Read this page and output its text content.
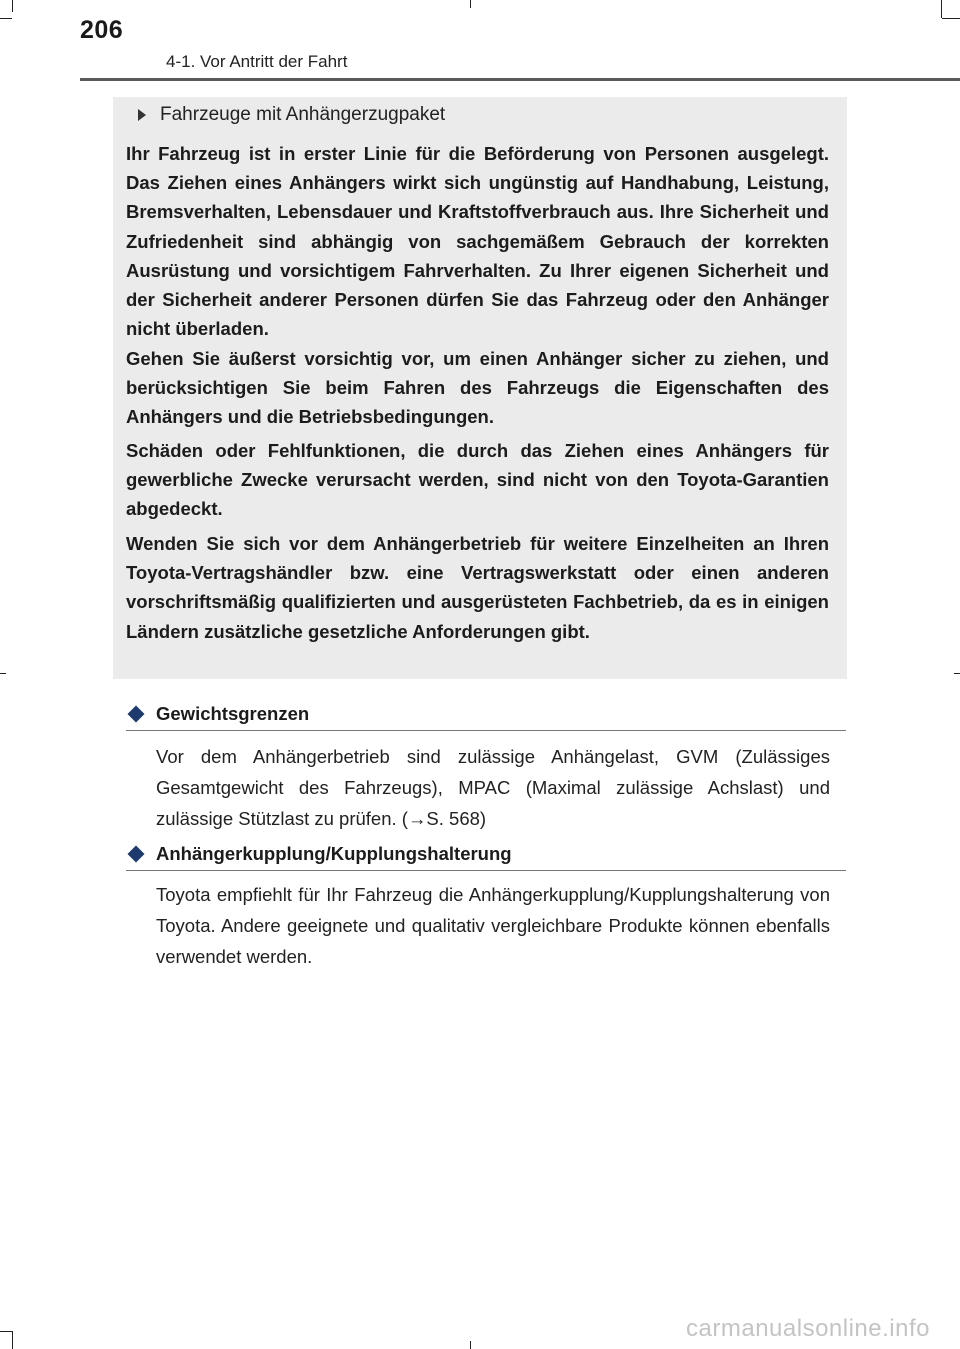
206
4-1. Vor Antritt der Fahrt
Fahrzeuge mit Anhängerzugpaket

Ihr Fahrzeug ist in erster Linie für die Beförderung von Personen ausgelegt. Das Ziehen eines Anhängers wirkt sich ungünstig auf Handhabung, Leistung, Bremsverhalten, Lebensdauer und Kraftstoffverbrauch aus. Ihre Sicherheit und Zufriedenheit sind abhängig von sachgemäßem Gebrauch der korrekten Ausrüstung und vorsichtigem Fahrverhalten. Zu Ihrer eigenen Sicherheit und der Sicherheit anderer Personen dürfen Sie das Fahrzeug oder den Anhänger nicht überladen.

Gehen Sie äußerst vorsichtig vor, um einen Anhänger sicher zu ziehen, und berücksichtigen Sie beim Fahren des Fahrzeugs die Eigenschaften des Anhängers und die Betriebsbedingungen.

Schäden oder Fehlfunktionen, die durch das Ziehen eines Anhängers für gewerbliche Zwecke verursacht werden, sind nicht von den Toyota-Garantien abgedeckt.

Wenden Sie sich vor dem Anhängerbetrieb für weitere Einzelheiten an Ihren Toyota-Vertragshändler bzw. eine Vertragswerkstatt oder einen anderen vorschriftsmäßig qualifizierten und ausgerüsteten Fachbetrieb, da es in einigen Ländern zusätzliche gesetzliche Anforderungen gibt.

Gewichtsgrenzen

Vor dem Anhängerbetrieb sind zulässige Anhängelast, GVM (Zulässiges Gesamtgewicht des Fahrzeugs), MPAC (Maximal zulässige Achslast) und zulässige Stützlast zu prüfen. (→S. 568)

Anhängerkupplung/Kupplungshalterung

Toyota empfiehlt für Ihr Fahrzeug die Anhängerkupplung/Kupplungshalterung von Toyota. Andere geeignete und qualitativ vergleichbare Produkte können ebenfalls verwendet werden.

carmanualsonline.info
